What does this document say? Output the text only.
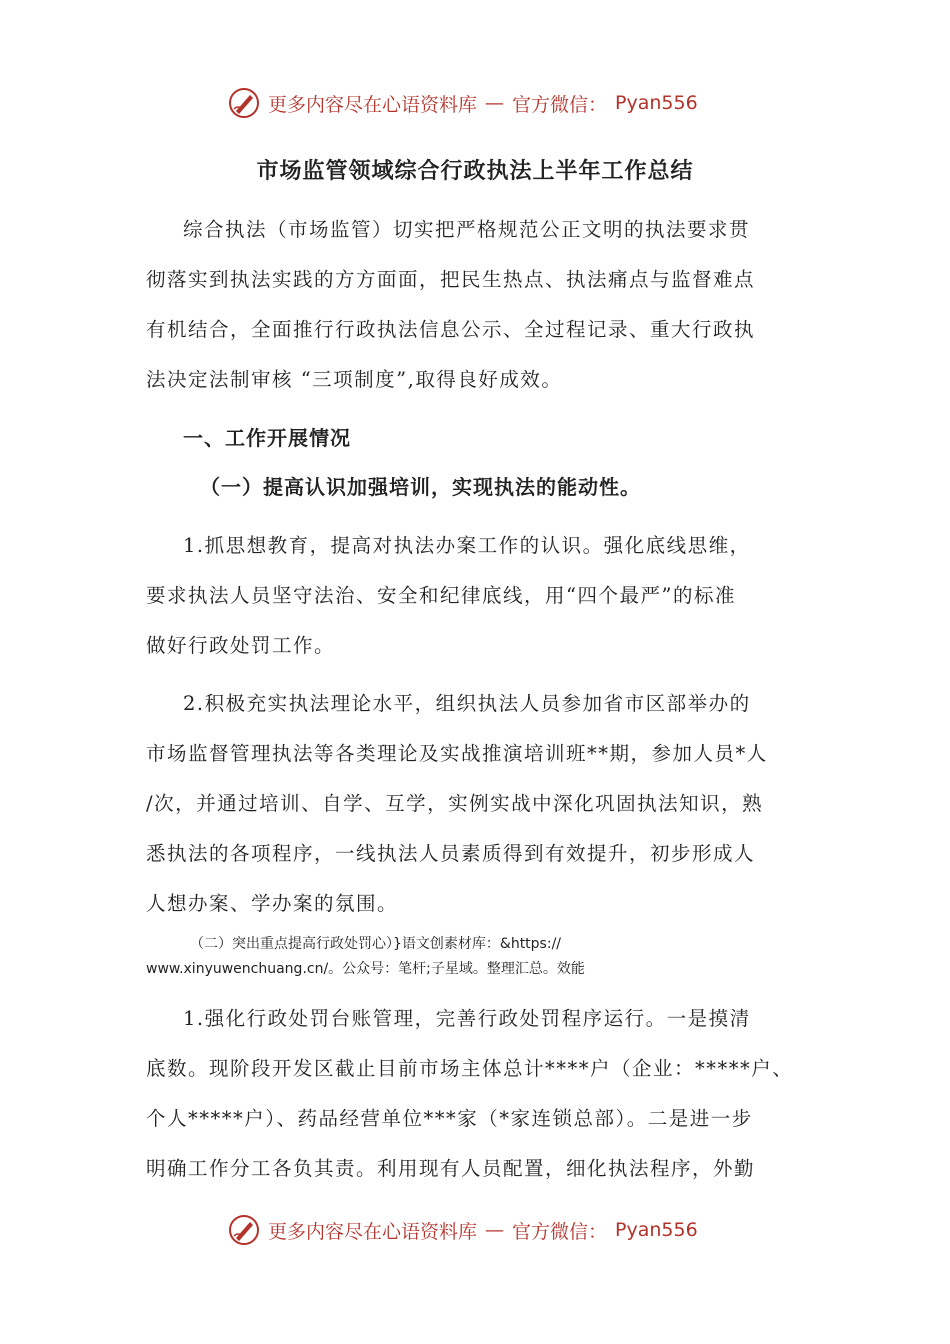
更多内容尽在心语资料库 — 官方微信： Pyan556
市场监管领域综合行政执法上半年工作总结
综合执法（市场监管）切实把严格规范公正文明的执法要求贯
彻落实到执法实践的方方面面，把民生热点、执法痛点与监督难点
有机结合，全面推行行政执法信息公示、全过程记录、重大行政执
法决定法制审核 “三项制度”,取得良好成效。
一、工作开展情况
（一）提高认识加强培训，实现执法的能动性。
1.抓思想教育，提高对执法办案工作的认识。强化底线思维，
要求执法人员坚守法治、安全和纪律底线，用“四个最严”的标准
做好行政处罚工作。
2.积极充实执法理论水平，组织执法人员参加省市区部举办的
市场监督管理执法等各类理论及实战推演培训班**期，参加人员*人
/次，并通过培训、自学、互学，实例实战中深化巩固执法知识，熟
悉执法的各项程序，一线执法人员素质得到有效提升，初步形成人
人想办案、学办案的氛围。
（二）突出重点提高行政处罚心）}语文创素材库：&https://
www.xinyuwenchuang.cn/。公众号：笔杆;子星域。整理汇总。效能
1.强化行政处罚台账管理，完善行政处罚程序运行。一是摸清
底数。现阶段开发区截止目前市场主体总计****户（企业：*****户、
个人*****户）、药品经营单位***家（*家连锁总部）。二是进一步
明确工作分工各负其责。利用现有人员配置，细化执法程序，外勤
更多内容尽在心语资料库 — 官方微信： Pyan556
